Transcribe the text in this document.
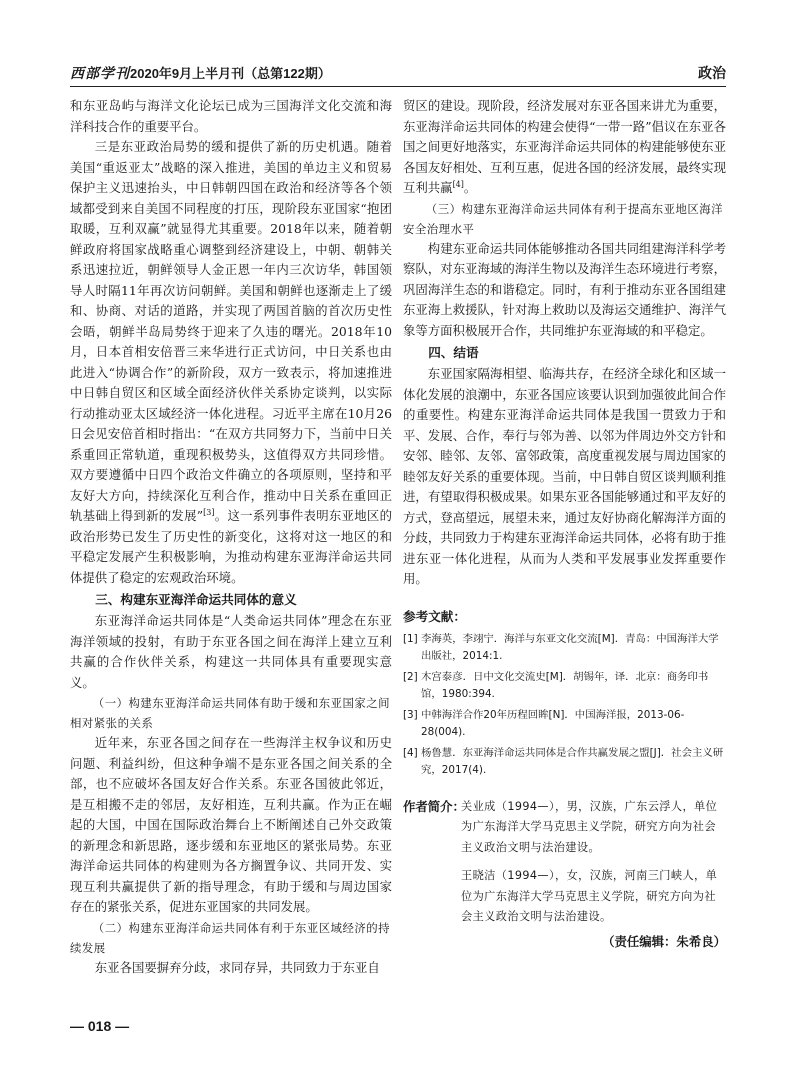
西部学刊2020年9月上半月刊（总第122期）	政治

和东亚岛屿与海洋文化论坛已成为三国海洋文化交流和海洋科技合作的重要平台。

三是东亚政治局势的缓和提供了新的历史机遇。随着美国“重返亚太”战略的深入推进，美国的单边主义和贸易保护主义迅速抬头，中日韩朝四国在政治和经济等各个领域都受到来自美国不同程度的打压，现阶段东亚国家“抱团取暖，互利双赢”就显得尤其重要。2018年以来，随着朝鲜政府将国家战略重心调整到经济建设上，中朝、朝韩关系迅速拉近，朝鲜领导人金正恩一年内三次访华，韩国领导人时隔11年再次访问朝鲜。美国和朝鲜也逐渐走上了缓和、协商、对话的道路，并实现了两国首脑的首次历史性会晤，朝鲜半岛局势终于迎来了久违的曙光。2018年10月，日本首相安倍晋三来华进行正式访问，中日关系也由此进入“协调合作”的新阶段，双方一致表示，将加速推进中日韩自贸区和区域全面经济伙伴关系协定谈判，以实际行动推动亚太区域经济一体化进程。习近平主席在10月26日会见安倍首相时指出：“在双方共同努力下，当前中日关系重回正常轨道，重现积极势头，这值得双方共同珍惜。双方要遵循中日四个政治文件确立的各项原则，坚持和平友好大方向，持续深化互利合作，推动中日关系在重回正轨基础上得到新的发展”[3]。这一系列事件表明东亚地区的政治形势已发生了历史性的新变化，这将对这一地区的和平稳定发展产生积极影响，为推动构建东亚海洋命运共同体提供了稳定的宏观政治环境。

三、构建东亚海洋命运共同体的意义

东亚海洋命运共同体是“人类命运共同体”理念在东亚海洋领域的投射，有助于东亚各国之间在海洋上建立互利共赢的合作伙伴关系，构建这一共同体具有重要现实意义。

（一）构建东亚海洋命运共同体有助于缓和东亚国家之间相对紧张的关系

近年来，东亚各国之间存在一些海洋主权争议和历史问题、利益纠纷，但这种争端不是东亚各国之间关系的全部，也不应破坏各国友好合作关系。东亚各国彼此邻近，是互相搬不走的邻居，友好相连，互利共赢。作为正在崛起的大国，中国在国际政治舞台上不断阐述自己外交政策的新理念和新思路，逐步缓和东亚地区的紧张局势。东亚海洋命运共同体的构建则为各方搁置争议、共同开发、实现互利共赢提供了新的指导理念，有助于缓和与周边国家存在的紧张关系，促进东亚国家的共同发展。

（二）构建东亚海洋命运共同体有利于东亚区域经济的持续发展

东亚各国要摒弃分歧，求同存异，共同致力于东亚自

贸区的建设。现阶段，经济发展对东亚各国来讲尤为重要，东亚海洋命运共同体的构建会使得“一带一路”倡议在东亚各国之间更好地落实，东亚海洋命运共同体的构建能够使东亚各国友好相处、互利互惠，促进各国的经济发展，最终实现互利共赢[4]。

（三）构建东亚海洋命运共同体有利于提高东亚地区海洋安全治理水平

构建东亚命运共同体能够推动各国共同组建海洋科学考察队，对东亚海域的海洋生物以及海洋生态环境进行考察，巩固海洋生态的和谐稳定。同时，有利于推动东亚各国组建东亚海上救援队，针对海上救助以及海运交通维护、海洋气象等方面积极展开合作，共同维护东亚海域的和平稳定。

四、结语

东亚国家隔海相望、临海共存，在经济全球化和区域一体化发展的浪潮中，东亚各国应该要认识到加强彼此间合作的重要性。构建东亚海洋命运共同体是我国一贯致力于和平、发展、合作，奉行与邻为善、以邻为伴周边外交方针和安邻、睦邻、友邻、富邻政策，高度重视发展与周边国家的睦邻友好关系的重要体现。当前，中日韩自贸区谈判顺利推进，有望取得积极成果。如果东亚各国能够通过和平友好的方式，登高望远，展望未来，通过友好协商化解海洋方面的分歧，共同致力于构建东亚海洋命运共同体，必将有助于推进东亚一体化进程，从而为人类和平发展事业发挥重要作用。

参考文献：

[1] 李海英，李翊宁．海洋与东亚文化交流[M]．青岛：中国海洋大学出版社，2014:1.

[2] 木宫泰彦．日中文化交流史[M]．胡锡年，译．北京：商务印书馆，1980:394.

[3] 中韩海洋合作20年历程回眸[N]．中国海洋报，2013-06-28(004).

[4] 杨鲁慧．东亚海洋命运共同体是合作共赢发展之盟[J]．社会主义研究，2017(4).

作者简介：

关业成（1994—），男，汉族，广东云浮人，单位为广东海洋大学马克思主义学院，研究方向为社会主义政治文明与法治建设。

王晓洁（1994—），女，汉族，河南三门峡人，单位为广东海洋大学马克思主义学院，研究方向为社会主义政治文明与法治建设。

（责任编辑：朱希良）
— 018 —
